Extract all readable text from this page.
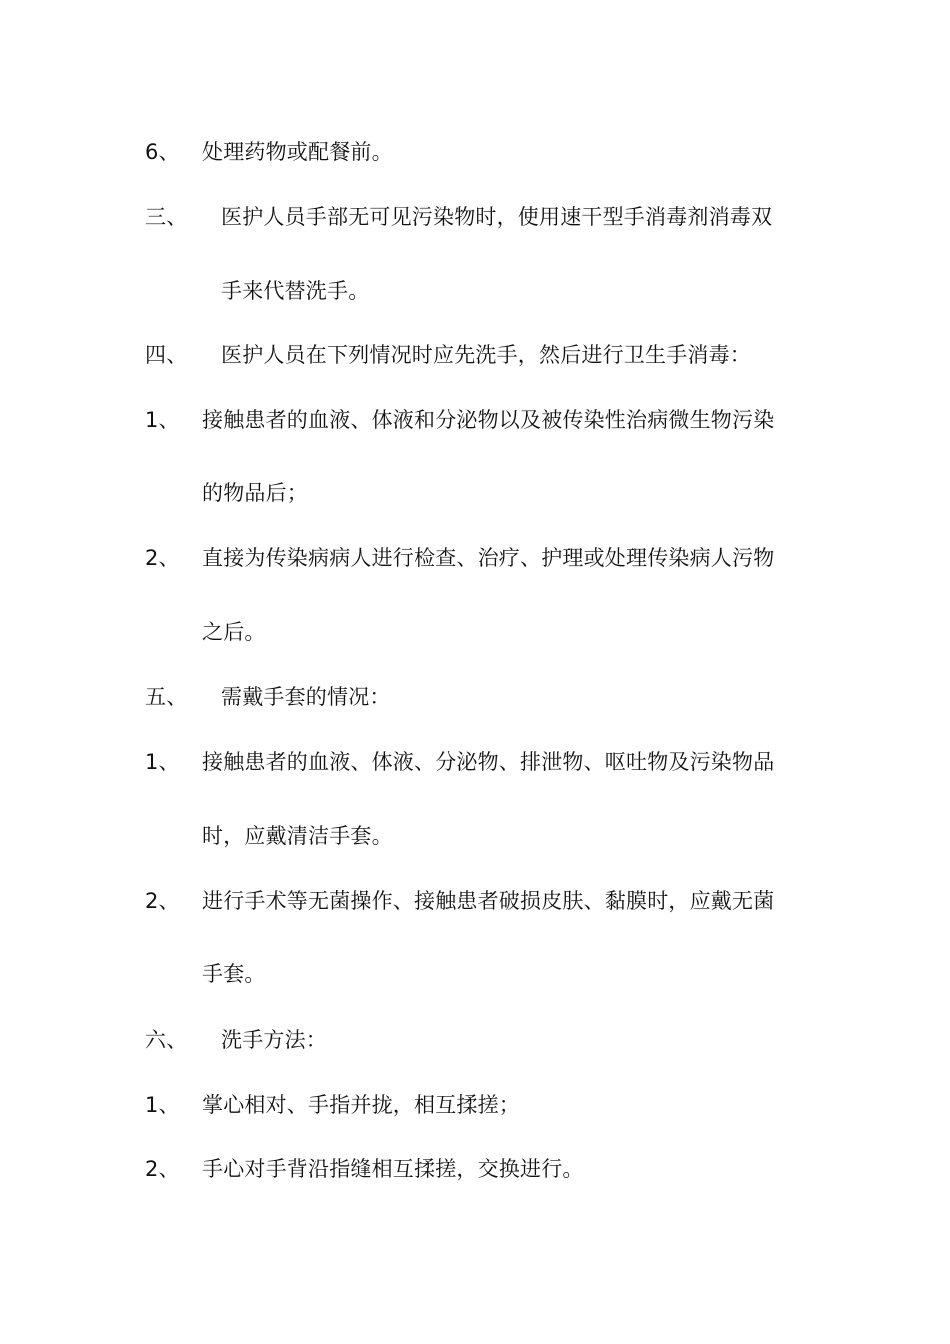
6、 处理药物或配餐前。
三、 医护人员手部无可见污染物时，使用速干型手消毒剂消毒双
手来代替洗手。
四、 医护人员在下列情况时应先洗手，然后进行卫生手消毒：
1、 接触患者的血液、体液和分泌物以及被传染性治病微生物污染
的物品后；
2、 直接为传染病病人进行检查、治疗、护理或处理传染病人污物
之后。
五、 需戴手套的情况：
1、 接触患者的血液、体液、分泌物、排泄物、呕吐物及污染物品
时，应戴清洁手套。
2、 进行手术等无菌操作、接触患者破损皮肤、黏膜时，应戴无菌
手套。
六、 洗手方法：
1、 掌心相对、手指并拢，相互揉搓；
2、 手心对手背沿指缝相互揉搓，交换进行。
